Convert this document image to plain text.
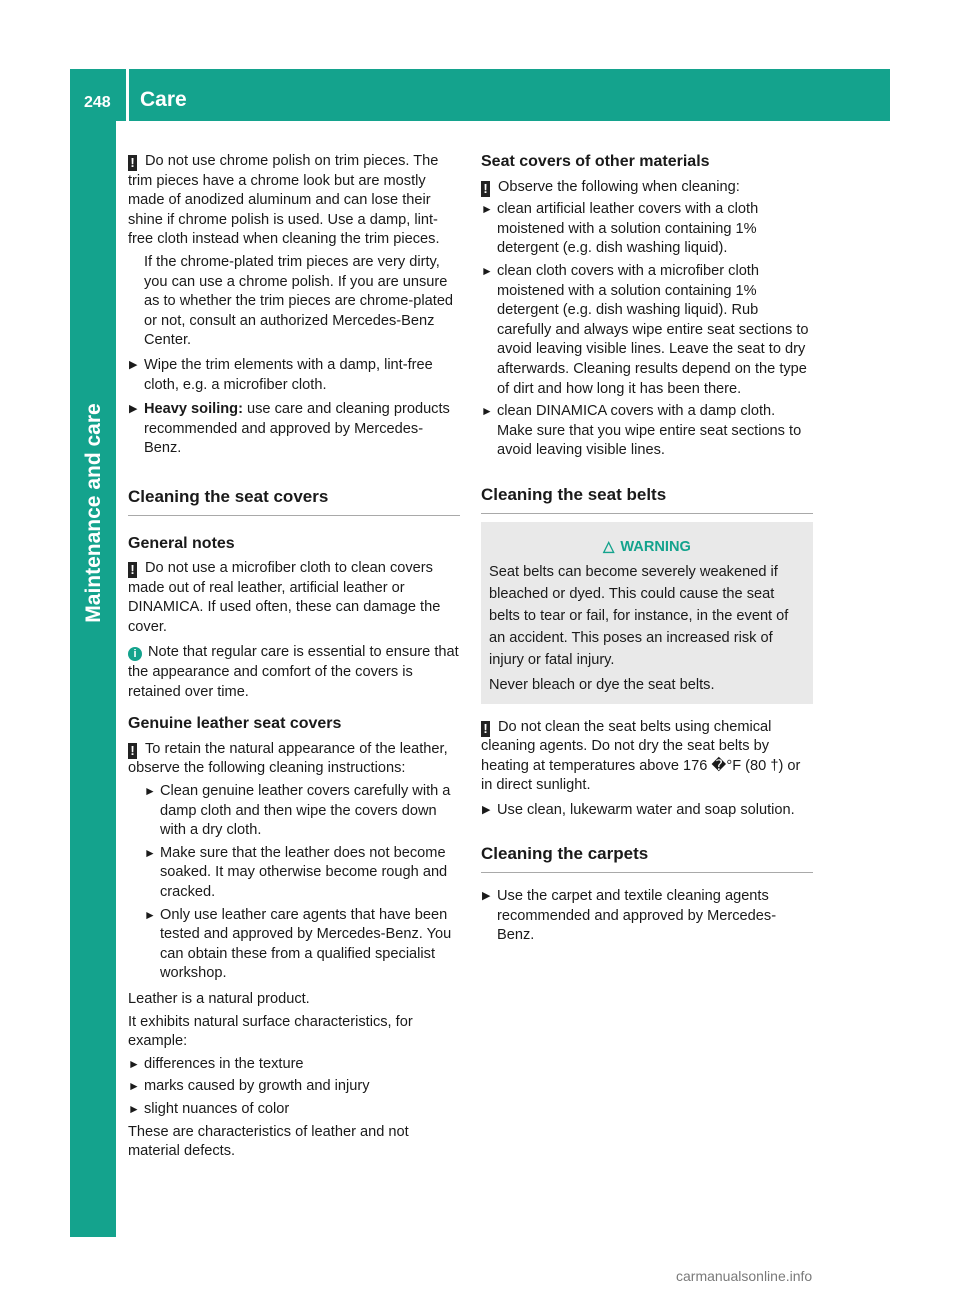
248 Care
Maintenance and care

! Do not use chrome polish on trim pieces. The trim pieces have a chrome look but are mostly made of anodized aluminum and can lose their shine if chrome polish is used. Use a damp, lint-free cloth instead when cleaning the trim pieces.

If the chrome-plated trim pieces are very dirty, you can use a chrome polish. If you are unsure as to whether the trim pieces are chrome-plated or not, consult an authorized Mercedes-Benz Center.

▶ Wipe the trim elements with a damp, lint-free cloth, e.g. a microfiber cloth.
▶ Heavy soiling: use care and cleaning products recommended and approved by Mercedes-Benz.
Cleaning the seat covers
General notes

! Do not use a microfiber cloth to clean covers made out of real leather, artificial leather or DINAMICA. If used often, these can damage the cover.

i Note that regular care is essential to ensure that the appearance and comfort of the covers is retained over time.

Genuine leather seat covers

! To retain the natural appearance of the leather, observe the following cleaning instructions:

► Clean genuine leather covers carefully with a damp cloth and then wipe the covers down with a dry cloth.
► Make sure that the leather does not become soaked. It may otherwise become rough and cracked.
► Only use leather care agents that have been tested and approved by Mercedes-Benz. You can obtain these from a qualified specialist workshop.

Leather is a natural product.

It exhibits natural surface characteristics, for example:

► differences in the texture
► marks caused by growth and injury
► slight nuances of color

These are characteristics of leather and not material defects.

Seat covers of other materials

! Observe the following when cleaning:

► clean artificial leather covers with a cloth moistened with a solution containing 1% detergent (e.g. dish washing liquid).
► clean cloth covers with a microfiber cloth moistened with a solution containing 1% detergent (e.g. dish washing liquid). Rub carefully and always wipe entire seat sections to avoid leaving visible lines. Leave the seat to dry afterwards. Cleaning results depend on the type of dirt and how long it has been there.
► clean DINAMICA covers with a damp cloth. Make sure that you wipe entire seat sections to avoid leaving visible lines.
Cleaning the seat belts
△ WARNING

Seat belts can become severely weakened if bleached or dyed. This could cause the seat belts to tear or fail, for instance, in the event of an accident. This poses an increased risk of injury or fatal injury.

Never bleach or dye the seat belts.

! Do not clean the seat belts using chemical cleaning agents. Do not dry the seat belts by heating at temperatures above 176 �°F (80 †) or in direct sunlight.

▶ Use clean, lukewarm water and soap solution.
Cleaning the carpets
▶ Use the carpet and textile cleaning agents recommended and approved by Mercedes-Benz.
carmanualsonline.info
